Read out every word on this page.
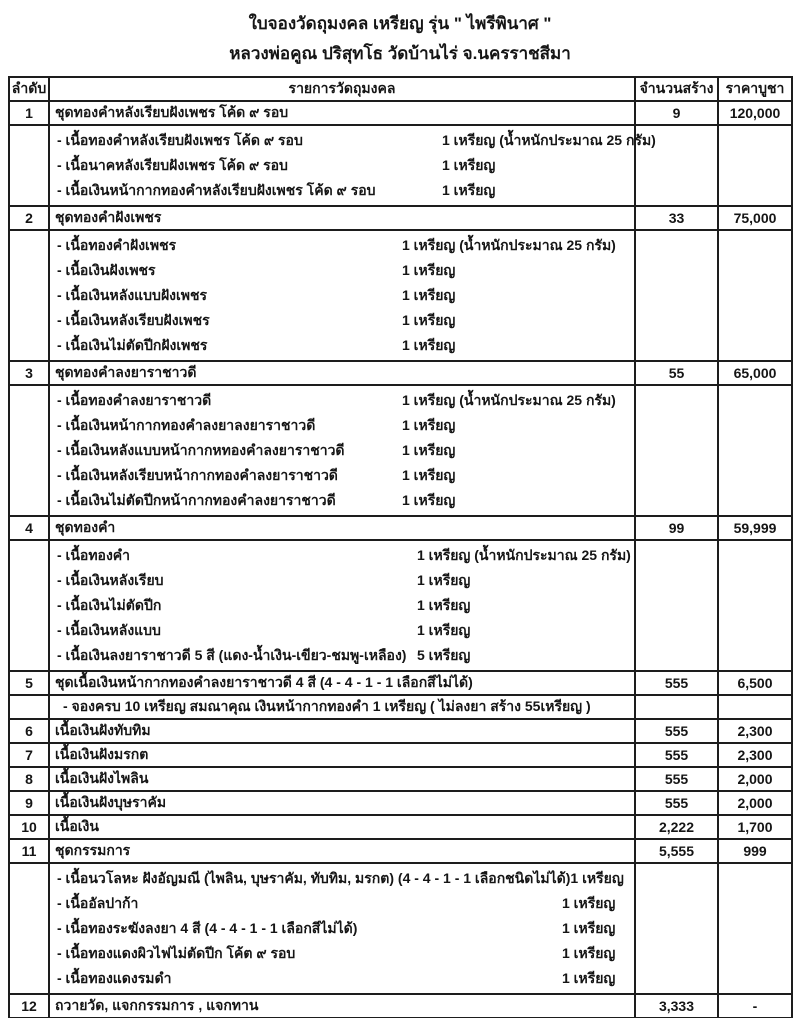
ใบจองวัดถุมงคล เหรียญ รุ่น " ไพรีพินาศ "
หลวงพ่อคูณ ปริสุทโธ วัดบ้านไร่ จ.นครราชสีมา
ลำดับ	รายการวัดถุมงคล	จำนวนสร้าง	ราคาบูชา
1	ชุดทองคำหลังเรียบฝังเพชร โค้ด ๙ รอบ	9	120,000

	- เนื้อทองคำหลังเรียบฝังเพชร โค้ด ๙ รอบ 1 เหรียญ (น้ำหนักประมาณ 25 กรัม)
- เนื้อนาคหลังเรียบฝังเพชร โค้ด ๙ รอบ 1 เหรียญ
- เนื้อเงินหน้ากากทองคำหลังเรียบฝังเพชร โค้ด ๙ รอบ 1 เหรียญ		

2	ชุดทองคำฝังเพชร	33	75,000

	- เนื้อทองคำฝังเพชร 1 เหรียญ (น้ำหนักประมาณ 25 กรัม)
- เนื้อเงินฝังเพชร 1 เหรียญ
- เนื้อเงินหลังแบบฝังเพชร 1 เหรียญ
- เนื้อเงินหลังเรียบฝังเพชร 1 เหรียญ
- เนื้อเงินไม่ตัดปีกฝังเพชร 1 เหรียญ		

3	ชุดทองคำลงยาราชาวดี	55	65,000

	- เนื้อทองคำลงยาราชาวดี 1 เหรียญ (น้ำหนักประมาณ 25 กรัม)
- เนื้อเงินหน้ากากทองคำลงยาลงยาราชาวดี 1 เหรียญ
- เนื้อเงินหลังแบบหน้ากากหทองคำลงยาราชาวดี 1 เหรียญ
- เนื้อเงินหลังเรียบหน้ากากทองคำลงยาราชาวดี 1 เหรียญ
- เนื้อเงินไม่ตัดปีกหน้ากากทองคำลงยาราชาวดี 1 เหรียญ		

4	ชุดทองคำ	99	59,999

	- เนื้อทองคำ 1 เหรียญ (น้ำหนักประมาณ 25 กรัม)
- เนื้อเงินหลังเรียบ 1 เหรียญ
- เนื้อเงินไม่ตัดปีก 1 เหรียญ
- เนื้อเงินหลังแบบ 1 เหรียญ
- เนื้อเงินลงยาราชาวดี 5 สี (แดง-น้ำเงิน-เขียว-ชมพู-เหลือง) 5 เหรียญ		

5	ชุดเนื้อเงินหน้ากากทองคำลงยาราชาวดี 4 สี (4 - 4 - 1 - 1 เลือกสีไม่ได้)	555	6,500
	- จองครบ 10 เหรียญ สมณาคุณ เงินหน้ากากทองคำ 1 เหรียญ ( ไม่ลงยา สร้าง 55เหรียญ )		
6	เนื้อเงินฝังทับทิม	555	2,300
7	เนื้อเงินฝังมรกต	555	2,300
8	เนื้อเงินฝังไพลิน	555	2,000
9	เนื้อเงินฝังบุษราคัม	555	2,000
10	เนื้อเงิน	2,222	1,700
11	ชุดกรรมการ	5,555	999

	- เนื้อนวโลหะ ฝังอัญมณี (ไพลิน, บุษราคัม, ทับทิม, มรกต) (4 - 4 - 1 - 1 เลือกชนิดไม่ได้)1 เหรียญ
- เนื้ออัลปาก้า 1 เหรียญ
- เนื้อทองระฆังลงยา 4 สี (4 - 4 - 1 - 1 เลือกสีไม่ได้) 1 เหรียญ
- เนื้อทองแดงผิวไฟไม่ตัดปีก โค้ต ๙ รอบ 1 เหรียญ
- เนื้อทองแดงรมดำ 1 เหรียญ		

12	ถวายวัด, แจกกรรมการ , แจกทาน	3,333	-
